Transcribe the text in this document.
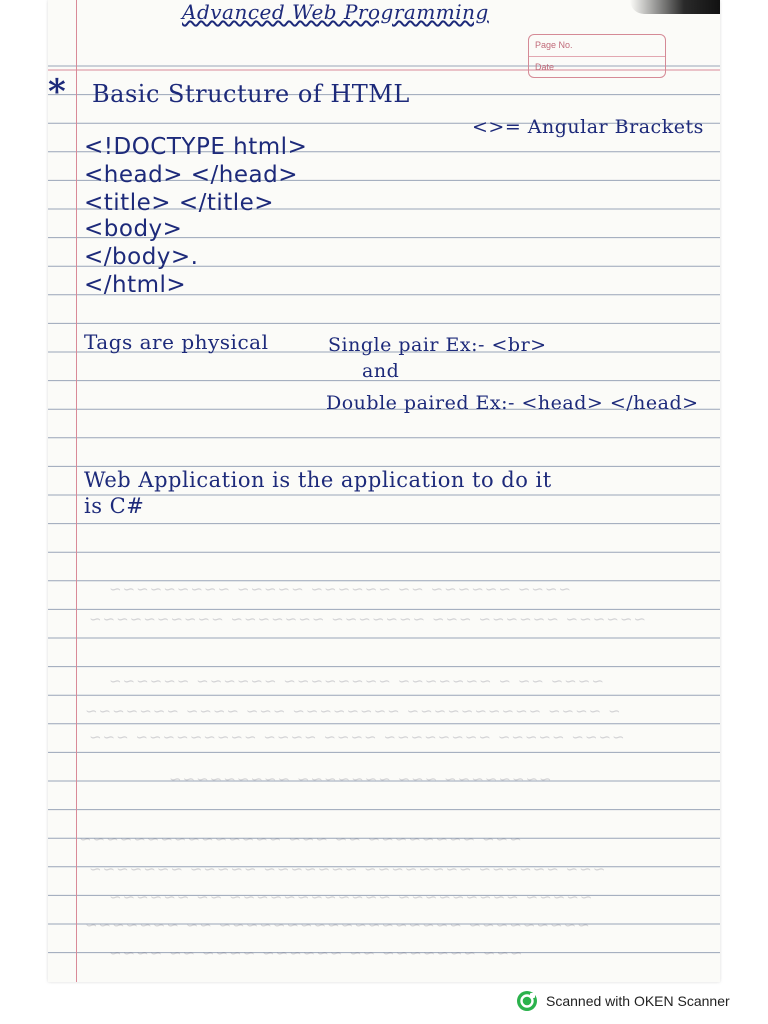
Advanced Web Programming
Page No.
Date
~~~~ ~~~~~~ ~~ ~~~~~~ ~~~~~ ~~~~~~~~~
~~~~~~ ~~~~~~ ~~~ ~~~~~~~ ~~~~~~~ ~~~~~~~~~~
~~~~ ~~ ~ ~~~~~~~ ~~~~~~~~ ~~~~~~ ~~~~~~
~ ~~~~ ~~~~~~~~~~ ~~~~~~~~ ~~~ ~~~~ ~~~~~~~
~~~~ ~~~~~ ~~~~~~~~ ~~~~ ~~~~ ~~~~~~~~~ ~~~
~~~~~~~~ ~~~ ~~~~~~~ ~~~~~~~~~
~~~ ~~~~~~~~ ~~ ~~~ ~~~~~~~~~~~~~~~
~~~ ~~~~~~ ~~~~~~~~ ~~~~~~~ ~~~~~ ~~~~~~~
~~~~~ ~~~~~~~~~ ~~~~~~~~~~~~ ~~ ~~~~~~
~~~~~~~~~ ~~~~~~~~~~~~~~~~~~ ~~ ~~~~~~~
~~~ ~~~~~~~ ~~ ~~~~~~ ~~~~ ~~ ~~~~
* Basic Structure of HTML
<>= Angular Brackets
<!DOCTYPE html>
<head> </head>
<title> </title>
<body>
</body>.
</html>
Tags are physical	Single pair Ex:- <br>
and
Double paired Ex:- <head> </head>
Web Application is the application to do it
is C#
Scanned with OKEN Scanner
